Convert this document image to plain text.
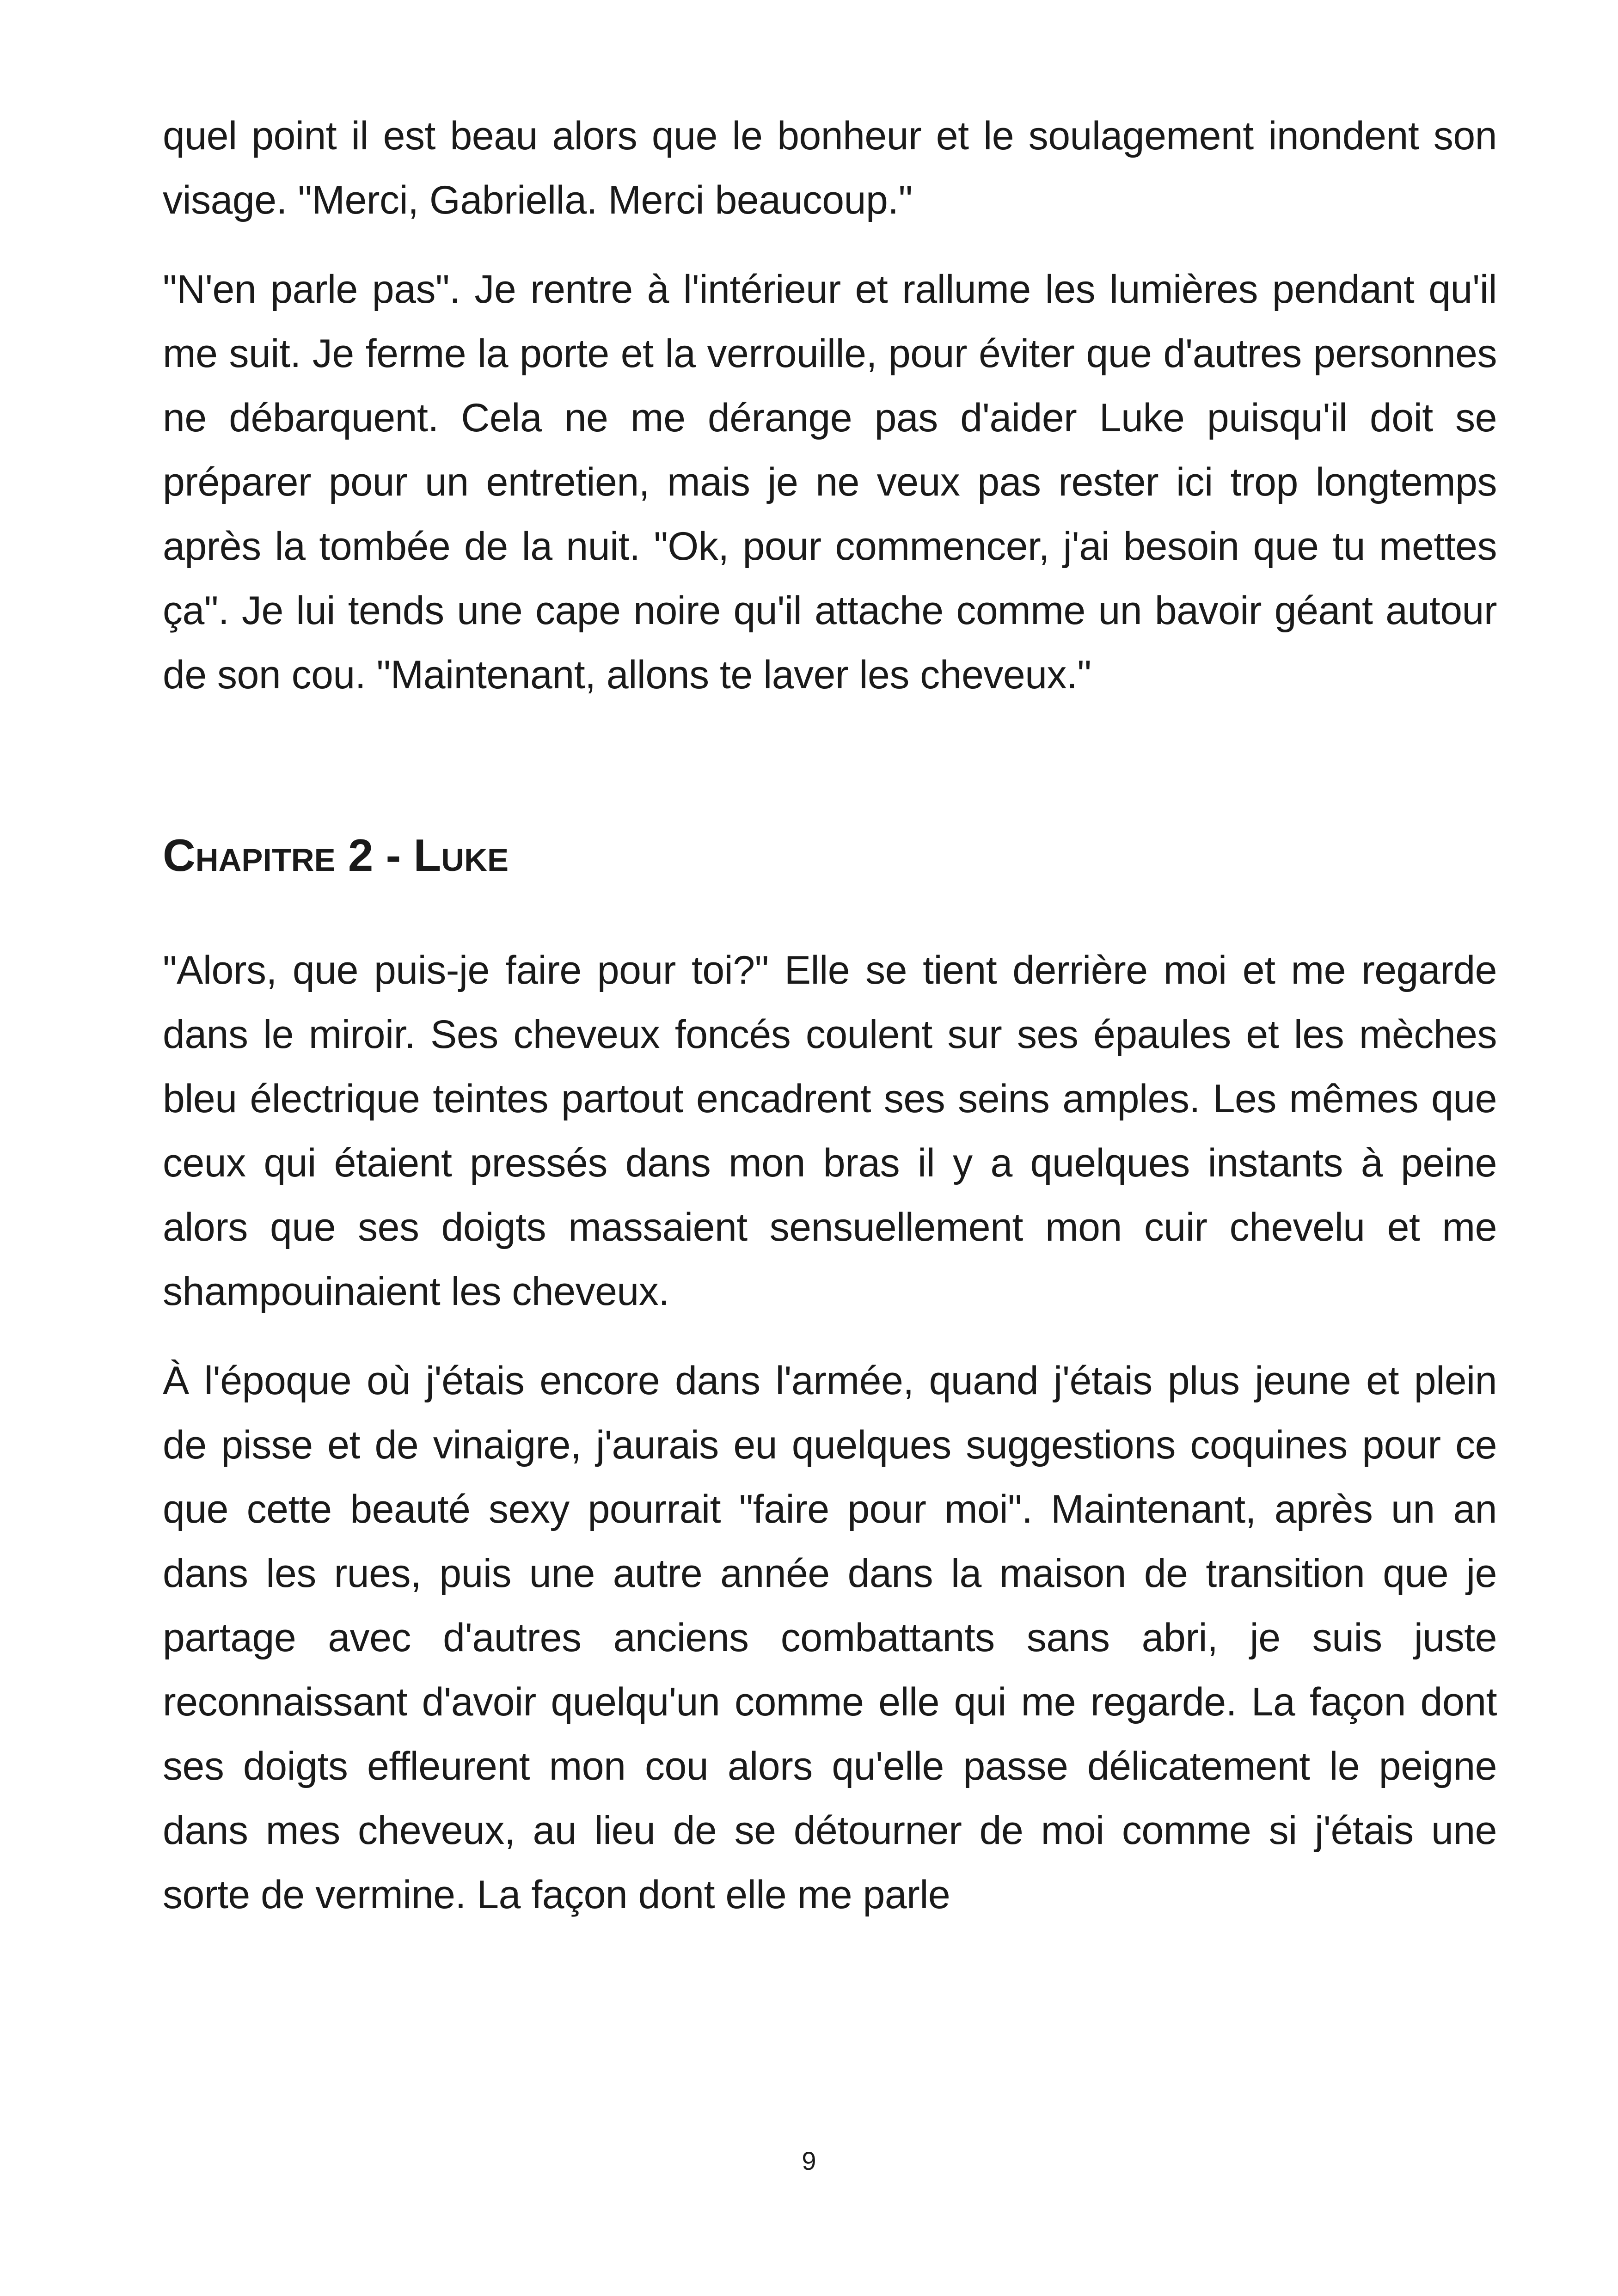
quel point il est beau alors que le bonheur et le soulagement inondent son visage. "Merci, Gabriella. Merci beaucoup."

"N'en parle pas". Je rentre à l'intérieur et rallume les lumières pendant qu'il me suit. Je ferme la porte et la verrouille, pour éviter que d'autres personnes ne débarquent. Cela ne me dérange pas d'aider Luke puisqu'il doit se préparer pour un entretien, mais je ne veux pas rester ici trop longtemps après la tombée de la nuit. "Ok, pour commencer, j'ai besoin que tu mettes ça". Je lui tends une cape noire qu'il attache comme un bavoir géant autour de son cou. "Maintenant, allons te laver les cheveux."

Chapitre 2 - Luke

"Alors, que puis-je faire pour toi?" Elle se tient derrière moi et me regarde dans le miroir. Ses cheveux foncés coulent sur ses épaules et les mèches bleu électrique teintes partout encadrent ses seins amples. Les mêmes que ceux qui étaient pressés dans mon bras il y a quelques instants à peine alors que ses doigts massaient sensuellement mon cuir chevelu et me shampouinaient les cheveux.

À l'époque où j'étais encore dans l'armée, quand j'étais plus jeune et plein de pisse et de vinaigre, j'aurais eu quelques suggestions coquines pour ce que cette beauté sexy pourrait "faire pour moi". Maintenant, après un an dans les rues, puis une autre année dans la maison de transition que je partage avec d'autres anciens combattants sans abri, je suis juste reconnaissant d'avoir quelqu'un comme elle qui me regarde. La façon dont ses doigts effleurent mon cou alors qu'elle passe délicatement le peigne dans mes cheveux, au lieu de se détourner de moi comme si j'étais une sorte de vermine. La façon dont elle me parle

9
